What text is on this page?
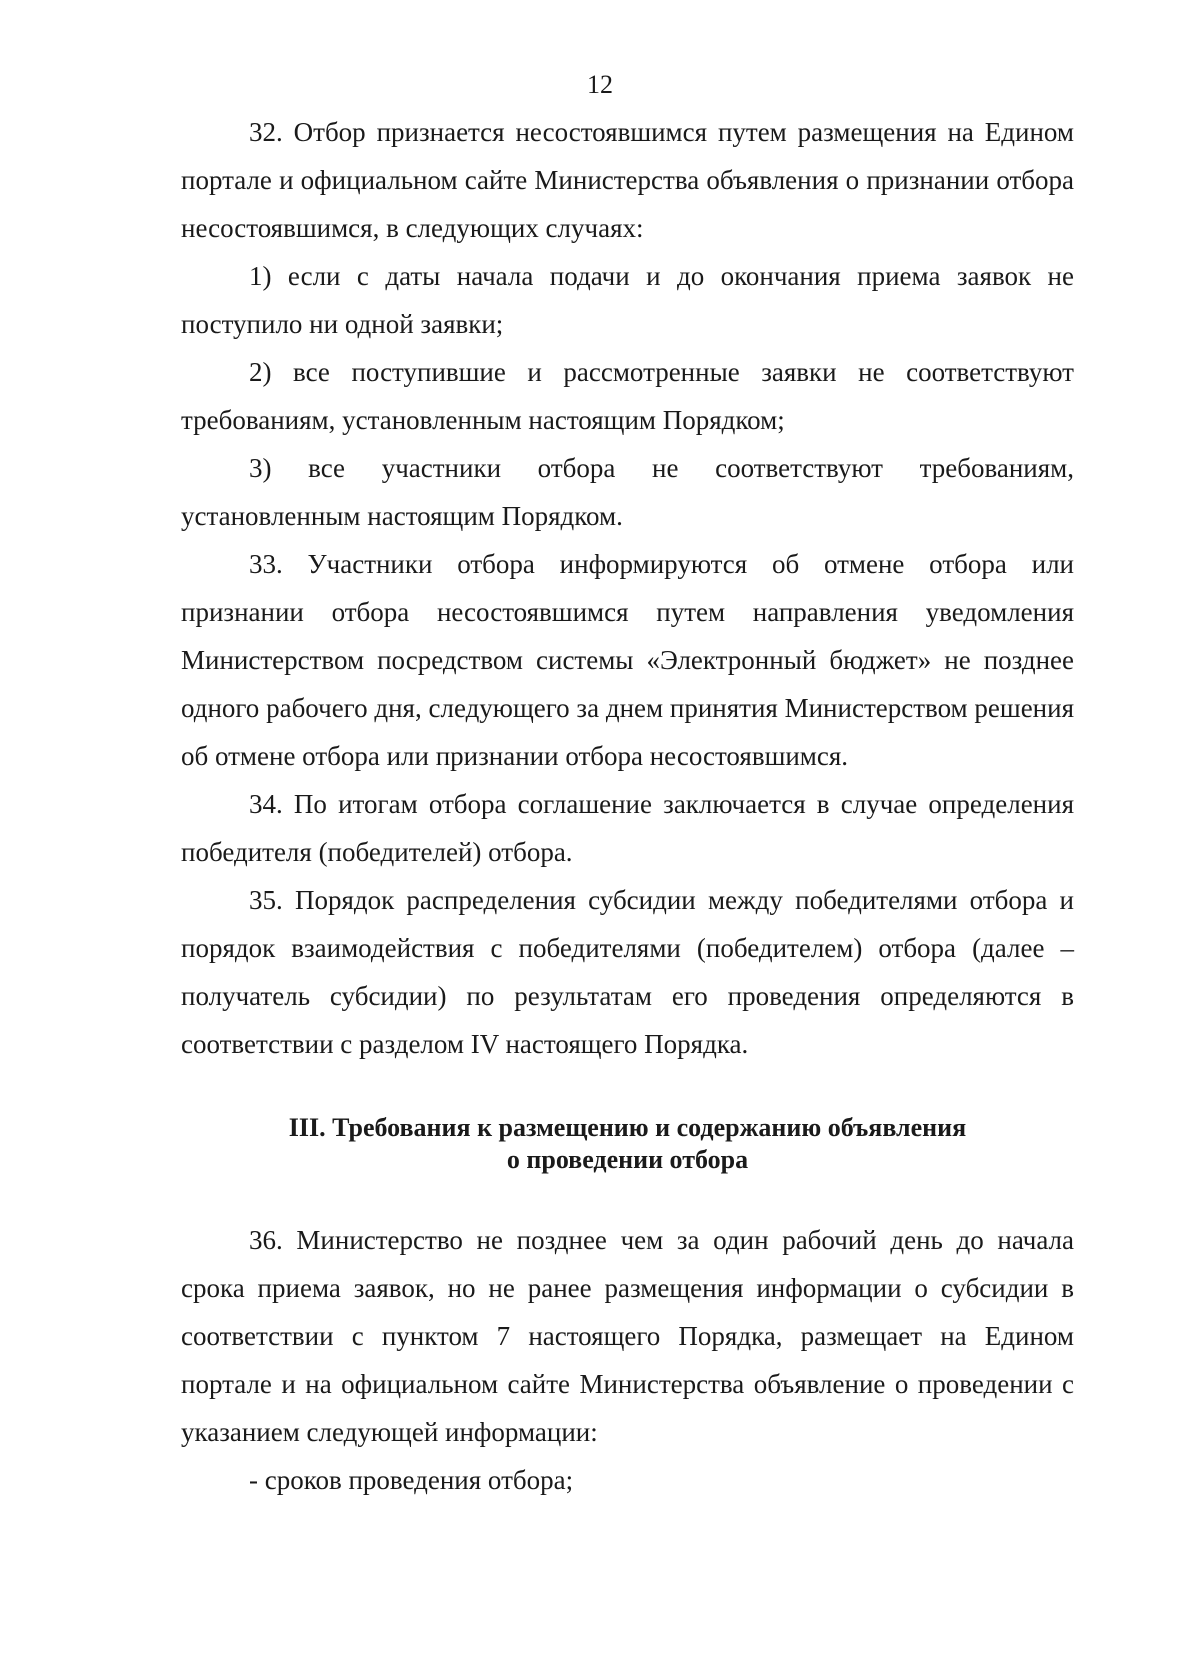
12

32. Отбор признается несостоявшимся путем размещения на Едином портале и официальном сайте Министерства объявления о признании отбора несостоявшимся, в следующих случаях:

1) если с даты начала подачи и до окончания приема заявок не поступило ни одной заявки;

2) все поступившие и рассмотренные заявки не соответствуют требованиям, установленным настоящим Порядком;

3) все участники отбора не соответствуют требованиям, установленным настоящим Порядком.

33. Участники отбора информируются об отмене отбора или признании отбора несостоявшимся путем направления уведомления Министерством посредством системы «Электронный бюджет» не позднее одного рабочего дня, следующего за днем принятия Министерством решения об отмене отбора или признании отбора несостоявшимся.

34. По итогам отбора соглашение заключается в случае определения победителя (победителей) отбора.

35. Порядок распределения субсидии между победителями отбора и порядок взаимодействия с победителями (победителем) отбора (далее – получатель субсидии) по результатам его проведения определяются в соответствии с разделом IV настоящего Порядка.

III. Требования к размещению и содержанию объявления
о проведении отбора

36. Министерство не позднее чем за один рабочий день до начала срока приема заявок, но не ранее размещения информации о субсидии в соответствии с пунктом 7 настоящего Порядка, размещает на Едином портале и на официальном сайте Министерства объявление о проведении с указанием следующей информации:

- сроков проведения отбора;
